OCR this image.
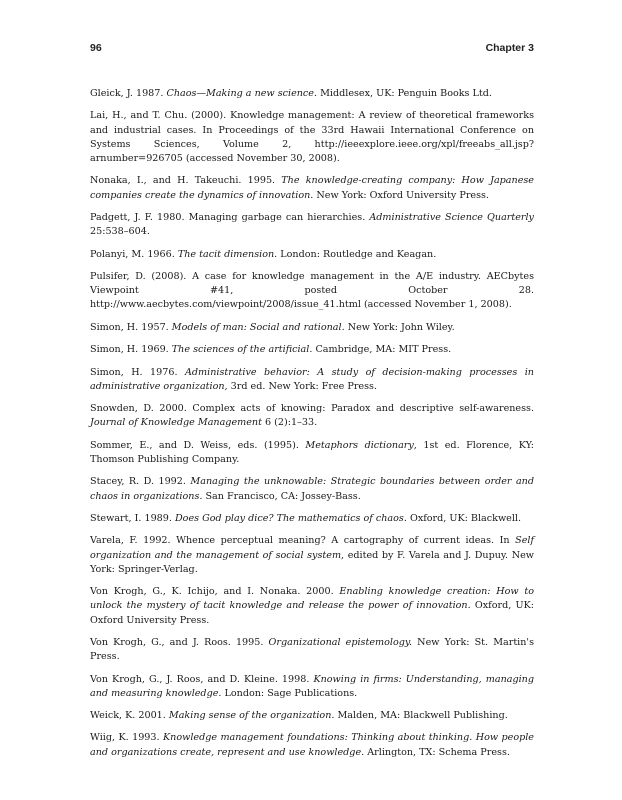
96	Chapter 3

Gleick, J. 1987. Chaos—Making a new science. Middlesex, UK: Penguin Books Ltd.

Lai, H., and T. Chu. (2000). Knowledge management: A review of theoretical frameworks and industrial cases. In Proceedings of the 33rd Hawaii International Conference on Systems Sciences, Volume 2, http://ieeexplore.ieee.org/xpl/freeabs_all.jsp?arnumber=926705 (accessed November 30, 2008).

Nonaka, I., and H. Takeuchi. 1995. The knowledge-creating company: How Japanese companies create the dynamics of innovation. New York: Oxford University Press.

Padgett, J. F. 1980. Managing garbage can hierarchies. Administrative Science Quarterly 25:538–604.

Polanyi, M. 1966. The tacit dimension. London: Routledge and Keagan.

Pulsifer, D. (2008). A case for knowledge management in the A/E industry. AECbytes Viewpoint #41, posted October 28. http://www.aecbytes.com/viewpoint/2008/issue_41.html (accessed November 1, 2008).

Simon, H. 1957. Models of man: Social and rational. New York: John Wiley.

Simon, H. 1969. The sciences of the artificial. Cambridge, MA: MIT Press.

Simon, H. 1976. Administrative behavior: A study of decision-making processes in administrative organization, 3rd ed. New York: Free Press.

Snowden, D. 2000. Complex acts of knowing: Paradox and descriptive self-awareness. Journal of Knowledge Management 6 (2):1–33.

Sommer, E., and D. Weiss, eds. (1995). Metaphors dictionary, 1st ed. Florence, KY: Thomson Publishing Company.

Stacey, R. D. 1992. Managing the unknowable: Strategic boundaries between order and chaos in organizations. San Francisco, CA: Jossey-Bass.

Stewart, I. 1989. Does God play dice? The mathematics of chaos. Oxford, UK: Blackwell.

Varela, F. 1992. Whence perceptual meaning? A cartography of current ideas. In Self organization and the management of social system, edited by F. Varela and J. Dupuy. New York: Springer-Verlag.

Von Krogh, G., K. Ichijo, and I. Nonaka. 2000. Enabling knowledge creation: How to unlock the mystery of tacit knowledge and release the power of innovation. Oxford, UK: Oxford University Press.

Von Krogh, G., and J. Roos. 1995. Organizational epistemology. New York: St. Martin's Press.

Von Krogh, G., J. Roos, and D. Kleine. 1998. Knowing in firms: Understanding, managing and measuring knowledge. London: Sage Publications.

Weick, K. 2001. Making sense of the organization. Malden, MA: Blackwell Publishing.

Wiig, K. 1993. Knowledge management foundations: Thinking about thinking. How people and organizations create, represent and use knowledge. Arlington, TX: Schema Press.
